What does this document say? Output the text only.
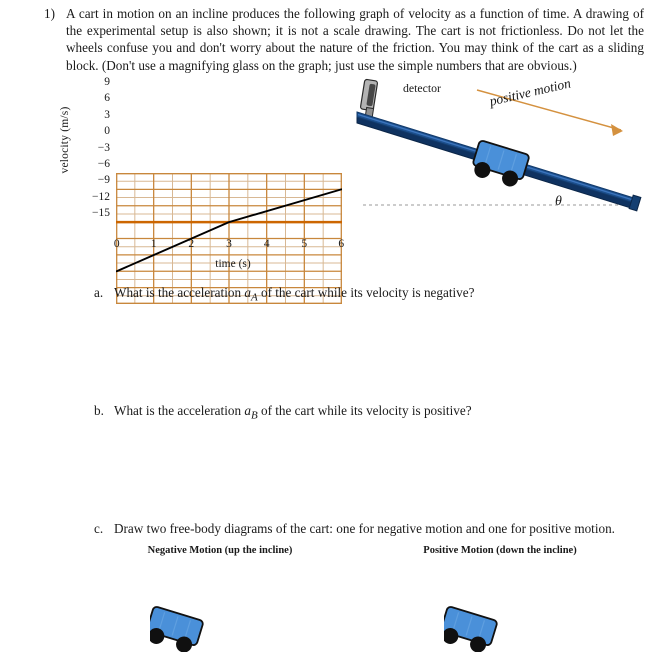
1) A cart in motion on an incline produces the following graph of velocity as a function of time. A drawing of the experimental setup is also shown; it is not a scale drawing. The cart is not frictionless. Do not let the wheels confuse you and don't worry about the nature of the friction. You may think of the cart as a sliding block. (Don't use a magnifying glass on the graph; just use the simple numbers that are obvious.)
velocity (m/s)
9
6
3
0
−3
−6
−9
−12
−15
0	1	2	3	4	5	6
time (s)
detector	positive motion
θ
a. What is the acceleration $a_A$ of the cart while its velocity is negative?
b. What is the acceleration $a_B$ of the cart while its velocity is positive?
c. Draw two free-body diagrams of the cart: one for negative motion and one for positive motion.
Negative Motion (up the incline)	Positive Motion (down the incline)
